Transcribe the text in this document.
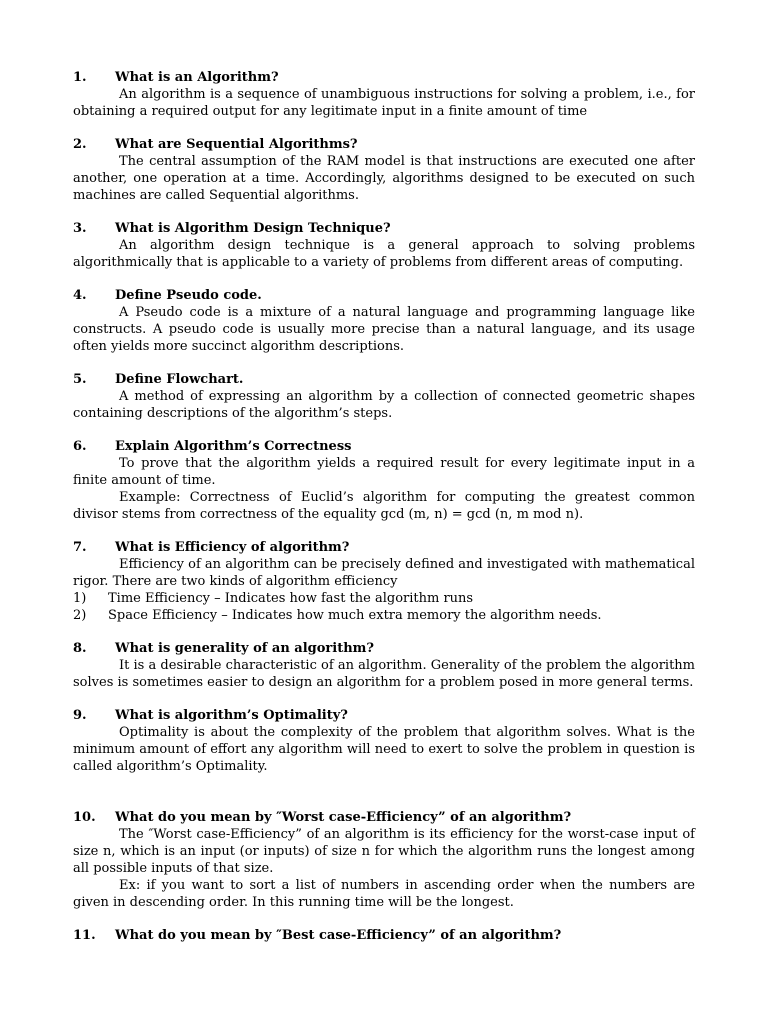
1.	What is an Algorithm?

An algorithm is a sequence of unambiguous instructions for solving a problem, i.e., for obtaining a required output for any legitimate input in a finite amount of time

2.	What are Sequential Algorithms?

The central assumption of the RAM model is that instructions are executed one after another, one operation at a time. Accordingly, algorithms designed to be executed on such machines are called Sequential algorithms.

3.	What is Algorithm Design Technique?

An algorithm design technique is a general approach to solving problems algorithmically that is applicable to a variety of problems from different areas of computing.

4.	Define Pseudo code.

A Pseudo code is a mixture of a natural language and programming language like constructs. A pseudo code is usually more precise than a natural language, and its usage often yields more succinct algorithm descriptions.

5.	Define Flowchart.

A method of expressing an algorithm by a collection of connected geometric shapes containing descriptions of the algorithm’s steps.

6.	Explain Algorithm’s Correctness

To prove that the algorithm yields a required result for every legitimate input in a finite amount of time.

Example: Correctness of Euclid’s algorithm for computing the greatest common divisor stems from correctness of the equality gcd (m, n) = gcd (n, m mod n).

7.	What is Efficiency of algorithm?

Efficiency of an algorithm can be precisely defined and investigated with mathematical rigor. There are two kinds of algorithm efficiency

1)	Time Efficiency – Indicates how fast the algorithm runs
2)	Space Efficiency – Indicates how much extra memory the algorithm needs.
8.	What is generality of an algorithm?

It is a desirable characteristic of an algorithm. Generality of the problem the algorithm solves is sometimes easier to design an algorithm for a problem posed in more general terms.

9.	What is algorithm’s Optimality?

Optimality is about the complexity of the problem that algorithm solves. What is the minimum amount of effort any algorithm will need to exert to solve the problem in question is called algorithm’s Optimality.

10.	What do you mean by ″Worst case-Efficiency” of an algorithm?

The ″Worst case-Efficiency” of an algorithm is its efficiency for the worst-case input of size n, which is an input (or inputs) of size n for which the algorithm runs the longest among all possible inputs of that size.

Ex: if you want to sort a list of numbers in ascending order when the numbers are given in descending order. In this running time will be the longest.

11.	What do you mean by ″Best case-Efficiency” of an algorithm?
